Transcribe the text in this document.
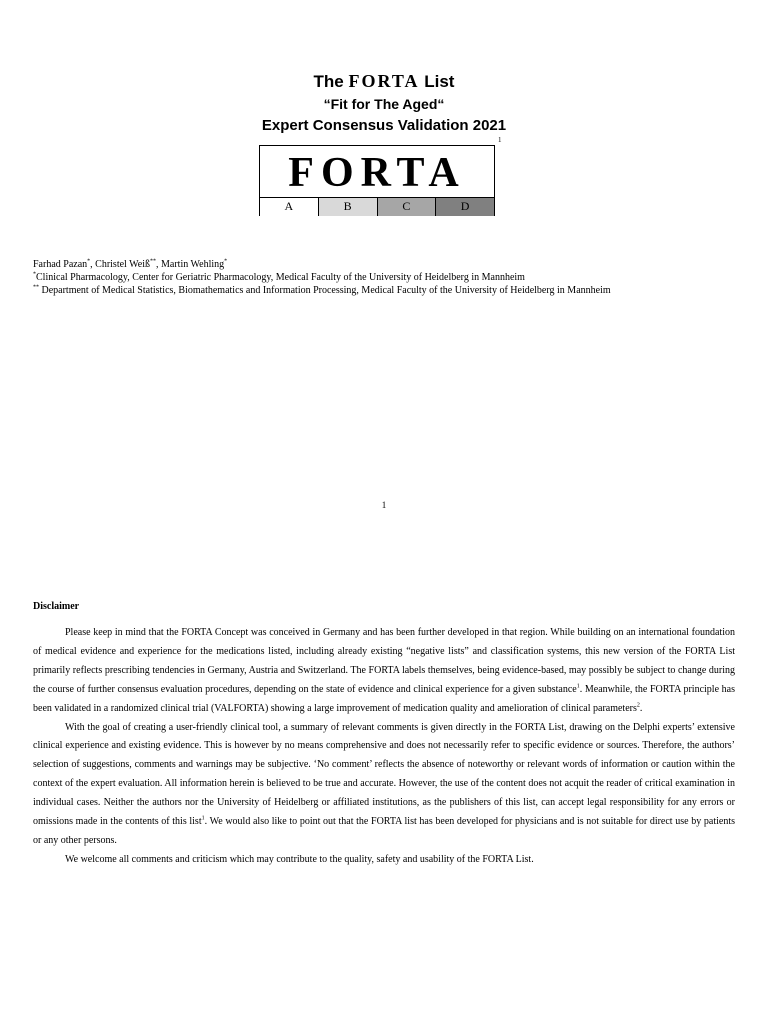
The FORTA List
“Fit for The Aged“
Expert Consensus Validation 2021
1
FORTA
A	B	C	D
Farhad Pazan*, Christel Weiß**, Martin Wehling*
*Clinical Pharmacology, Center for Geriatric Pharmacology, Medical Faculty of the University of Heidelberg in Mannheim
** Department of Medical Statistics, Biomathematics and Information Processing, Medical Faculty of the University of Heidelberg in Mannheim
1
Disclaimer

Please keep in mind that the FORTA Concept was conceived in Germany and has been further developed in that region. While building on an international foundation of medical evidence and experience for the medications listed, including already existing “negative lists” and classification systems, this new version of the FORTA List primarily reflects prescribing tendencies in Germany, Austria and Switzerland. The FORTA labels themselves, being evidence-based, may possibly be subject to change during the course of further consensus evaluation procedures, depending on the state of evidence and clinical experience for a given substance$^1$. Meanwhile, the FORTA principle has been validated in a randomized clinical trial (VALFORTA) showing a large improvement of medication quality and amelioration of clinical parameters$^2$.

With the goal of creating a user-friendly clinical tool, a summary of relevant comments is given directly in the FORTA List, drawing on the Delphi experts’ extensive clinical experience and existing evidence. This is however by no means comprehensive and does not necessarily refer to specific evidence or sources. Therefore, the authors’ selection of suggestions, comments and warnings may be subjective. ‘No comment’ reflects the absence of noteworthy or relevant words of information or caution within the context of the expert evaluation. All information herein is believed to be true and accurate. However, the use of the content does not acquit the reader of critical examination in individual cases. Neither the authors nor the University of Heidelberg or affiliated institutions, as the publishers of this list, can accept legal responsibility for any errors or omissions made in the contents of this list$^1$. We would also like to point out that the FORTA list has been developed for physicians and is not suitable for direct use by patients or any other persons.

We welcome all comments and criticism which may contribute to the quality, safety and usability of the FORTA List.
